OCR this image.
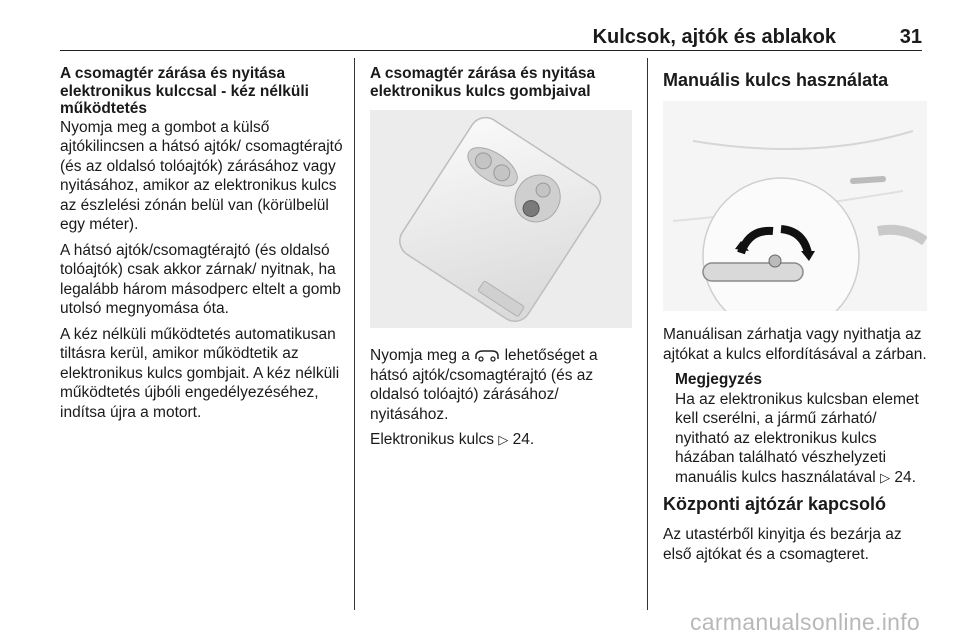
Kulcsok, ajtók és ablakok	31
A csomagtér zárása és nyitása elektronikus kulccsal - kéz nélküli működtetés

Nyomja meg a gombot a külső ajtókilincsen a hátsó ajtók/ csomagtérajtó (és az oldalsó tolóajtók) zárásához vagy nyitásához, amikor az elektronikus kulcs az észlelési zónán belül van (körülbelül egy méter).

A hátsó ajtók/csomagtérajtó (és oldalsó tolóajtók) csak akkor zárnak/ nyitnak, ha legalább három másodperc eltelt a gomb utolsó megnyomása óta.

A kéz nélküli működtetés automatikusan tiltásra kerül, amikor működtetik az elektronikus kulcs gombjait. A kéz nélküli működtetés újbóli engedélyezéséhez, indítsa újra a motort.

A csomagtér zárása és nyitása elektronikus kulcs gombjaival

Nyomja meg a lehetőséget a hátsó ajtók/csomagtérajtó (és az oldalsó tolóajtó) zárásához/ nyitásához.

Elektronikus kulcs ▷ 24.

Manuális kulcs használata

Manuálisan zárhatja vagy nyithatja az ajtókat a kulcs elfordításával a zárban.

Megjegyzés

Ha az elektronikus kulcsban elemet kell cserélni, a jármű zárható/ nyitható az elektronikus kulcs házában található vészhelyzeti manuális kulcs használatával ▷ 24.

Központi ajtózár kapcsoló

Az utastérből kinyitja és bezárja az első ajtókat és a csomagteret.

carmanualsonline.info
